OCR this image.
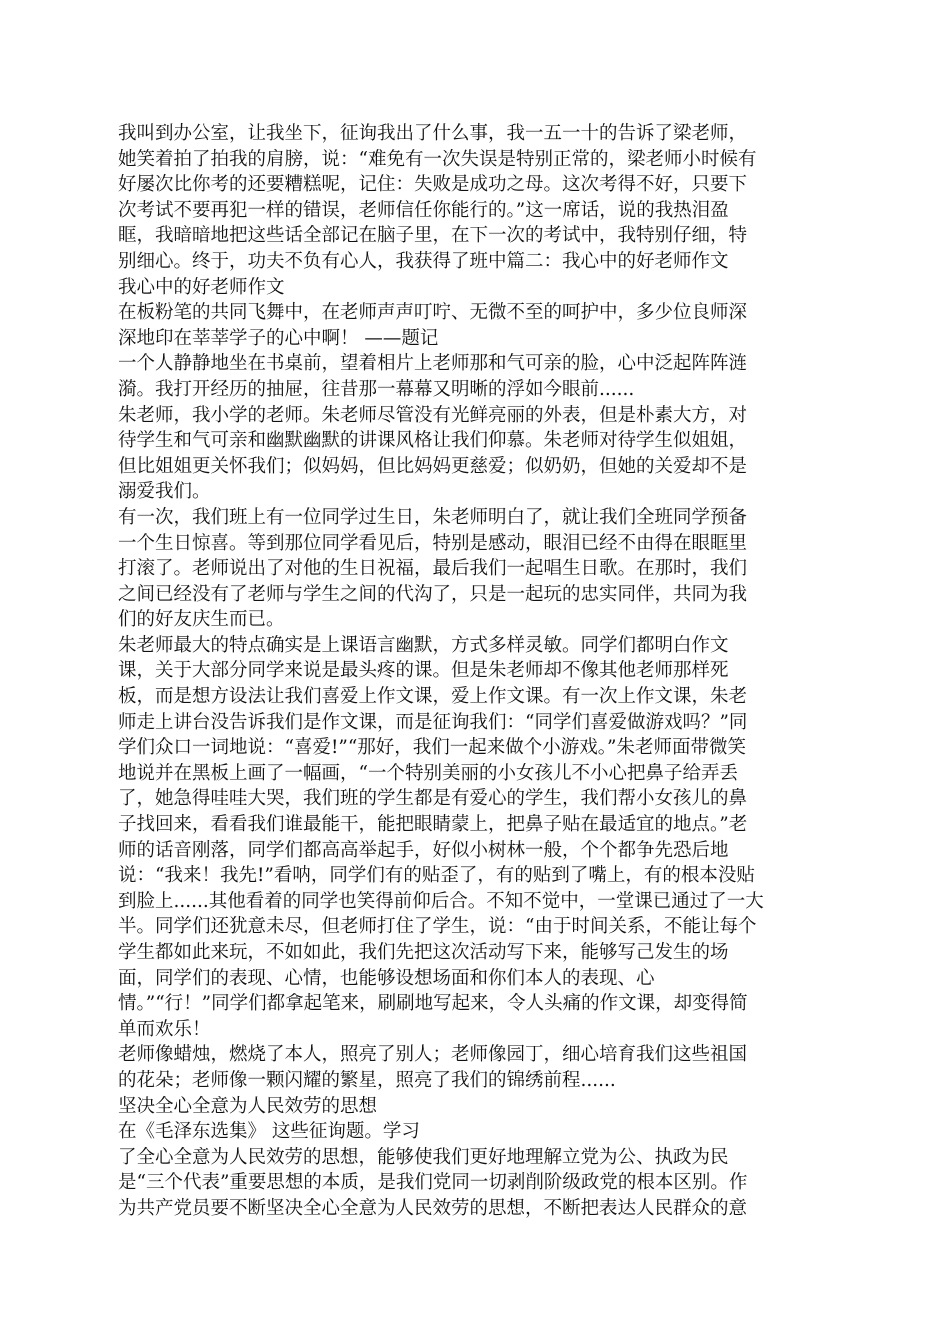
我叫到办公室，让我坐下，征询我出了什么事，我一五一十的告诉了梁老师，
她笑着拍了拍我的肩膀，说：“难免有一次失误是特别正常的，梁老师小时候有
好屡次比你考的还要糟糕呢，记住：失败是成功之母。这次考得不好，只要下
次考试不要再犯一样的错误，老师信任你能行的。”这一席话，说的我热泪盈
眶，我暗暗地把这些话全部记在脑子里，在下一次的考试中，我特别仔细，特
别细心。终于，功夫不负有心人，我获得了班中篇二：我心中的好老师作文
我心中的好老师作文
在板粉笔的共同飞舞中，在老师声声叮咛、无微不至的呵护中，多少位良师深
深地印在莘莘学子的心中啊！ ——题记
一个人静静地坐在书桌前，望着相片上老师那和气可亲的脸，心中泛起阵阵涟
漪。我打开经历的抽屉，往昔那一幕幕又明晰的浮如今眼前......
朱老师，我小学的老师。朱老师尽管没有光鲜亮丽的外表，但是朴素大方，对
待学生和气可亲和幽默幽默的讲课风格让我们仰慕。朱老师对待学生似姐姐，
但比姐姐更关怀我们；似妈妈，但比妈妈更慈爱；似奶奶，但她的关爱却不是
溺爱我们。
有一次，我们班上有一位同学过生日，朱老师明白了，就让我们全班同学预备
一个生日惊喜。等到那位同学看见后，特别是感动，眼泪已经不由得在眼眶里
打滚了。老师说出了对他的生日祝福，最后我们一起唱生日歌。在那时，我们
之间已经没有了老师与学生之间的代沟了，只是一起玩的忠实同伴，共同为我
们的好友庆生而已。
朱老师最大的特点确实是上课语言幽默，方式多样灵敏。同学们都明白作文
课，关于大部分同学来说是最头疼的课。但是朱老师却不像其他老师那样死
板，而是想方设法让我们喜爱上作文课，爱上作文课。有一次上作文课，朱老
师走上讲台没告诉我们是作文课，而是征询我们：“同学们喜爱做游戏吗？”同
学们众口一词地说：“喜爱!”“那好，我们一起来做个小游戏。”朱老师面带微笑
地说并在黑板上画了一幅画，“一个特别美丽的小女孩儿不小心把鼻子给弄丢
了，她急得哇哇大哭，我们班的学生都是有爱心的学生，我们帮小女孩儿的鼻
子找回来，看看我们谁最能干，能把眼睛蒙上，把鼻子贴在最适宜的地点。”老
师的话音刚落，同学们都高高举起手，好似小树林一般，个个都争先恐后地
说：“我来！我先!”看呐，同学们有的贴歪了，有的贴到了嘴上，有的根本没贴
到脸上......其他看着的同学也笑得前仰后合。不知不觉中，一堂课已通过了一大
半。同学们还犹意未尽，但老师打住了学生，说：“由于时间关系，不能让每个
学生都如此来玩，不如如此，我们先把这次活动写下来，能够写己发生的场
面，同学们的表现、心情，也能够设想场面和你们本人的表现、心
情。”“行！”同学们都拿起笔来，刷刷地写起来，令人头痛的作文课，却变得简
单而欢乐！
老师像蜡烛，燃烧了本人，照亮了别人；老师像园丁，细心培育我们这些祖国
的花朵；老师像一颗闪耀的繁星，照亮了我们的锦绣前程......
坚决全心全意为人民效劳的思想
在《毛泽东选集》 这些征询题。学习
了全心全意为人民效劳的思想，能够使我们更好地理解立党为公、执政为民
是“三个代表”重要思想的本质，是我们党同一切剥削阶级政党的根本区别。作
为共产党员要不断坚决全心全意为人民效劳的思想，不断把表达人民群众的意
